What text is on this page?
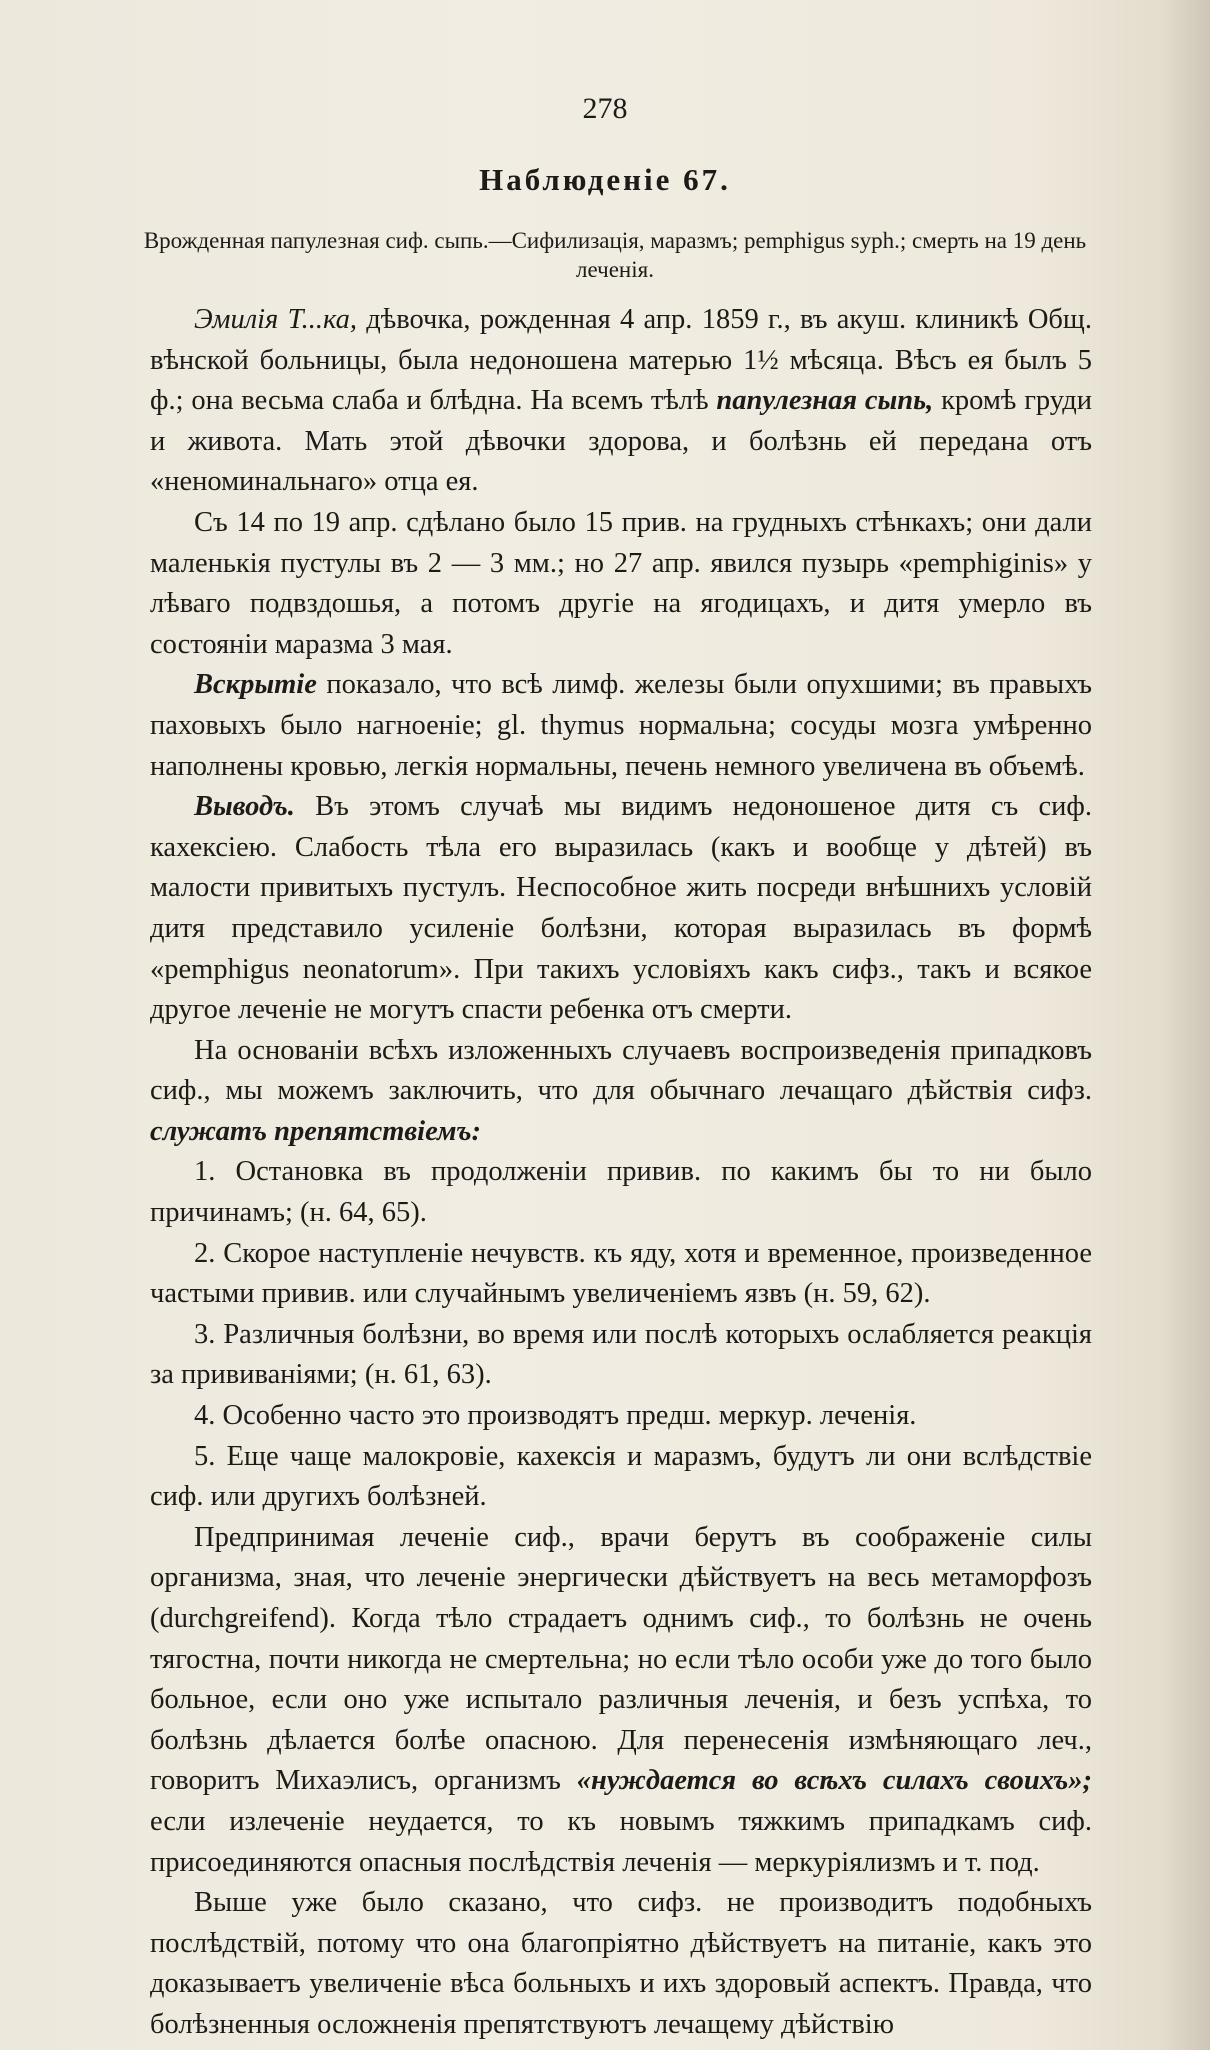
278
Наблюденіе 67.
Врожденная папулезная сиф. сыпь.—Сифилизація, маразмъ; pemphigus syph.; смерть на 19 день леченія.

Эмилія Т...ка, дѣвочка, рожденная 4 апр. 1859 г., въ акуш. клиникѣ Общ. вѣнской больницы, была недоношена матерью 1½ мѣсяца. Вѣсъ ея былъ 5 ф.; она весьма слаба и блѣдна. На всемъ тѣлѣ папулезная сыпь, кромѣ груди и живота. Мать этой дѣвочки здорова, и болѣзнь ей передана отъ «неноминальнаго» отца ея.

Съ 14 по 19 апр. сдѣлано было 15 прив. на грудныхъ стѣнкахъ; они дали маленькія пустулы въ 2 — 3 мм.; но 27 апр. явился пузырь «pemphiginis» у лѣваго подвздошья, а потомъ другіе на ягодицахъ, и дитя умерло въ состояніи маразма 3 мая.

Вскрытіе показало, что всѣ лимф. железы были опухшими; въ правыхъ паховыхъ было нагноеніе; gl. thymus нормальна; сосуды мозга умѣренно наполнены кровью, легкія нормальны, печень немного увеличена въ объемѣ.

Выводъ. Въ этомъ случаѣ мы видимъ недоношеное дитя съ сиф. кахексіею. Слабость тѣла его выразилась (какъ и вообще у дѣтей) въ малости привитыхъ пустулъ. Неспособное жить посреди внѣшнихъ условій дитя представило усиленіе болѣзни, которая выразилась въ формѣ «pemphigus neonatorum». При такихъ условіяхъ какъ сифз., такъ и всякое другое леченіе не могутъ спасти ребенка отъ смерти.

На основаніи всѣхъ изложенныхъ случаевъ воспроизведенія припадковъ сиф., мы можемъ заключить, что для обычнаго лечащаго дѣйствія сифз. служатъ препятствіемъ:

1. Остановка въ продолженіи привив. по какимъ бы то ни было причинамъ; (н. 64, 65).

2. Скорое наступленіе нечувств. къ яду, хотя и временное, произведенное частыми привив. или случайнымъ увеличеніемъ язвъ (н. 59, 62).

3. Различныя болѣзни, во время или послѣ которыхъ ослабляется реакція за прививаніями; (н. 61, 63).

4. Особенно часто это производятъ предш. меркур. леченія.

5. Еще чаще малокровіе, кахексія и маразмъ, будутъ ли они вслѣдствіе сиф. или другихъ болѣзней.

Предпринимая леченіе сиф., врачи берутъ въ соображеніе силы организма, зная, что леченіе энергически дѣйствуетъ на весь метаморфозъ (durchgreifend). Когда тѣло страдаетъ однимъ сиф., то болѣзнь не очень тягостна, почти никогда не смертельна; но если тѣло особи уже до того было больное, если оно уже испытало различныя леченія, и безъ успѣха, то болѣзнь дѣлается болѣе опасною. Для перенесенія измѣняющаго леч., говоритъ Михаэлисъ, организмъ «нуждается во всѣхъ силахъ своихъ»; если излеченіе неудается, то къ новымъ тяжкимъ припадкамъ сиф. присоединяются опасныя послѣдствія леченія — меркуріялизмъ и т. под.

Выше уже было сказано, что сифз. не производитъ подобныхъ послѣдствій, потому что она благопріятно дѣйствуетъ на питаніе, какъ это доказываетъ увеличеніе вѣса больныхъ и ихъ здоровый аспектъ. Правда, что болѣзненныя осложненія препятствуютъ лечащему дѣйствію
